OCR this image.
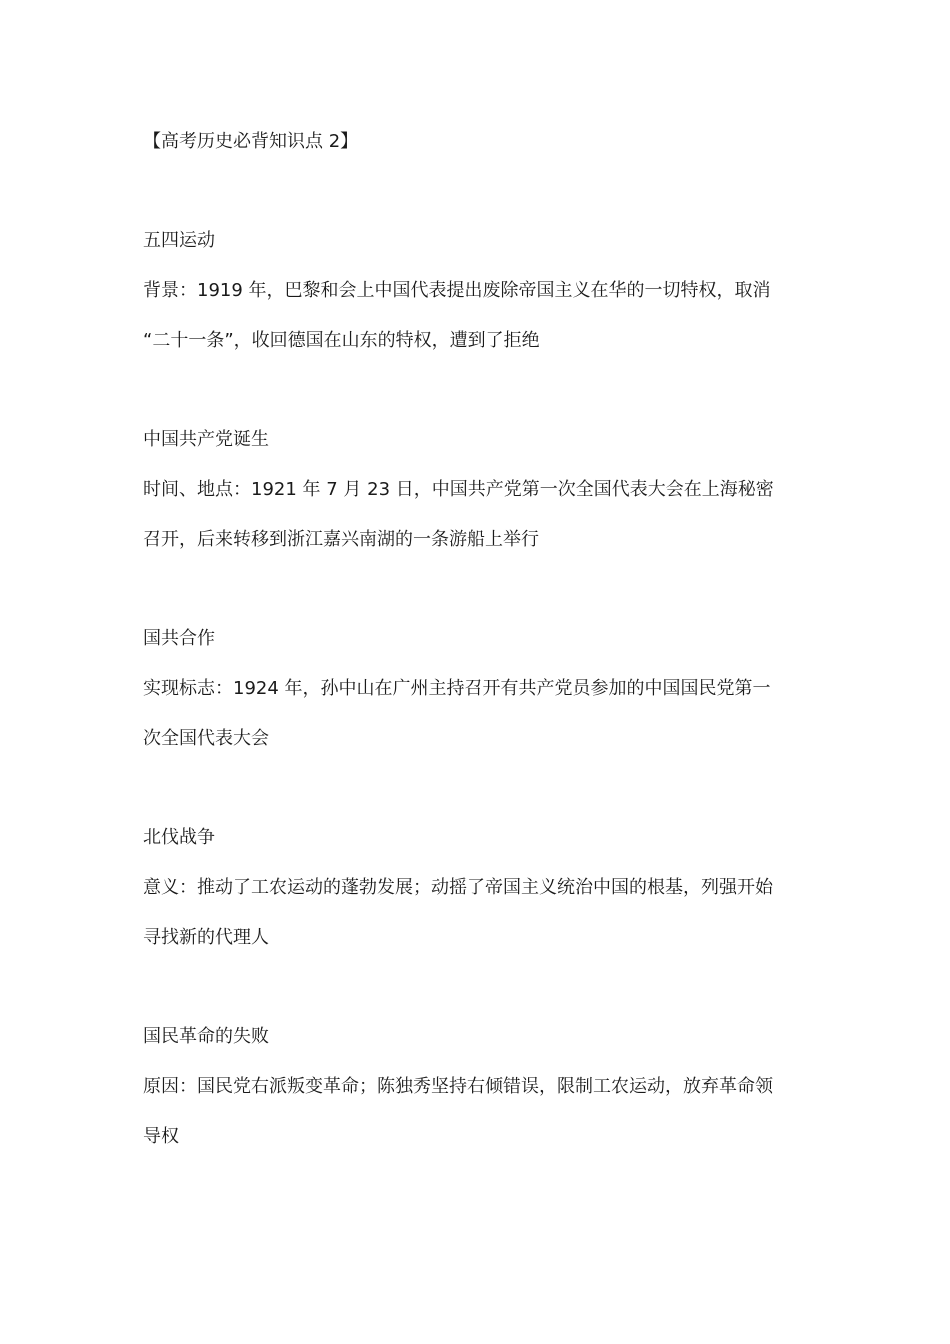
【高考历史必背知识点 2】
五四运动
背景：1919 年，巴黎和会上中国代表提出废除帝国主义在华的一切特权，取消
“二十一条”，收回德国在山东的特权，遭到了拒绝
中国共产党诞生
时间、地点：1921 年 7 月 23 日，中国共产党第一次全国代表大会在上海秘密
召开，后来转移到浙江嘉兴南湖的一条游船上举行
国共合作
实现标志：1924 年，孙中山在广州主持召开有共产党员参加的中国国民党第一
次全国代表大会
北伐战争
意义：推动了工农运动的蓬勃发展；动摇了帝国主义统治中国的根基，列强开始
寻找新的代理人
国民革命的失败
原因：国民党右派叛变革命；陈独秀坚持右倾错误，限制工农运动，放弃革命领
导权
